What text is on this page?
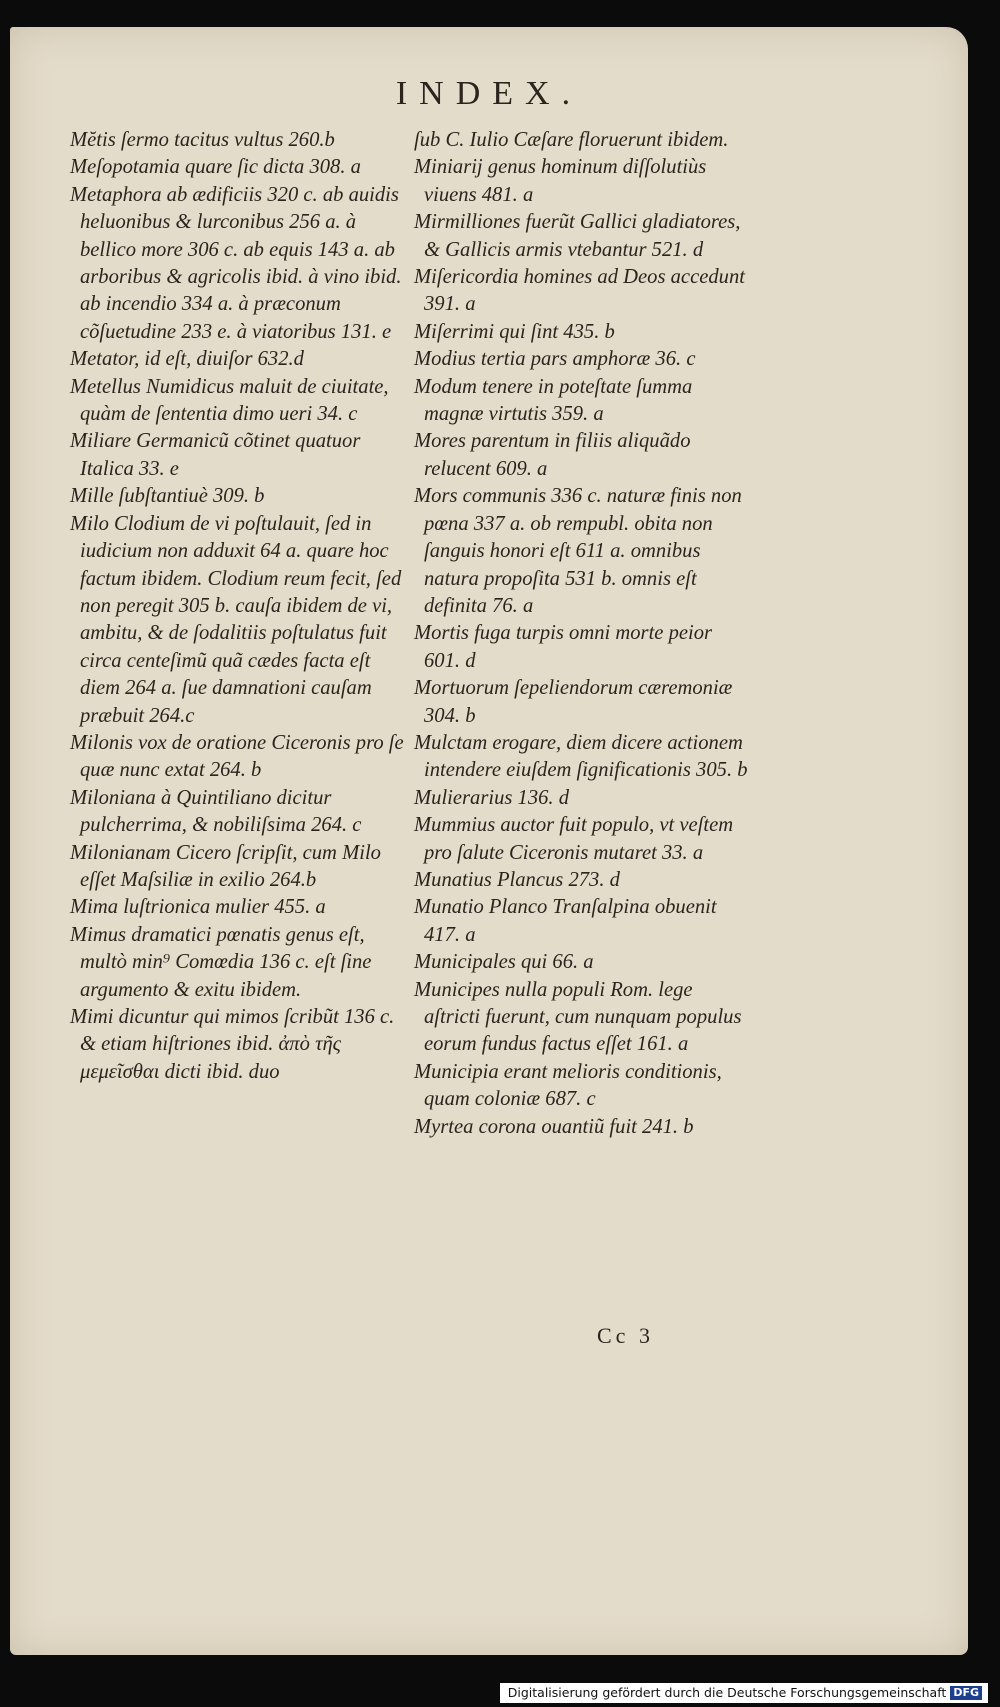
INDEX.

Mĕtis ſermo tacitus vultus 260.b

Meſopotamia quare ſic dicta 308. a

Metaphora ab ædificiis 320 c. ab auidis heluonibus & lurconibus 256 a. à bellico more 306 c. ab equis 143 a. ab arboribus & agricolis ibid. à vino ibid. ab incendio 334 a. à præconum cõſuetudine 233 e. à viatoribus 131. e

Metator, id eſt, diuiſor 632.d

Metellus Numidicus maluit de ciuitate, quàm de ſententia dimo ueri 34. c

Miliare Germanicũ cõtinet quatuor Italica 33. e

Mille ſubſtantiuè 309. b

Milo Clodium de vi poſtulauit, ſed in iudicium non adduxit 64 a. quare hoc factum ibidem. Clodium reum fecit, ſed non peregit 305 b. cauſa ibidem de vi, ambitu, & de ſodalitiis poſtulatus fuit circa centeſimũ quã cædes facta eſt diem 264 a. ſue damnationi cauſam præbuit 264.c

Milonis vox de oratione Ciceronis pro ſe quæ nunc extat 264. b

Miloniana à Quintiliano dicitur pulcherrima, & nobiliſsima 264. c

Milonianam Cicero ſcripſit, cum Milo eſſet Maſsiliæ in exilio 264.b

Mima luſtrionica mulier 455. a

Mimus dramatici pœnatis genus eſt, multò min⁹ Comœdia 136 c. eſt ſine argumento & exitu ibidem.

Mimi dicuntur qui mimos ſcribũt 136 c. & etiam hiſtriones ibid. ἀπὸ τῆς μεμεῖσθαι dicti ibid. duo

ſub C. Iulio Cæſare floruerunt ibidem.

Miniarij genus hominum diſſolutiùs viuens 481. a

Mirmilliones fuerũt Gallici gladiatores, & Gallicis armis vtebantur 521. d

Miſericordia homines ad Deos accedunt 391. a

Miſerrimi qui ſint 435. b

Modius tertia pars amphoræ 36. c

Modum tenere in poteſtate ſumma magnæ virtutis 359. a

Mores parentum in filiis aliquãdo relucent 609. a

Mors communis 336 c. naturæ finis non pœna 337 a. ob rempubl. obita non ſanguis honori eſt 611 a. omnibus natura propoſita 531 b. omnis eſt definita 76. a

Mortis fuga turpis omni morte peior 601. d

Mortuorum ſepeliendorum cæremoniæ 304. b

Mulctam erogare, diem dicere actionem intendere eiuſdem ſignificationis 305. b

Mulierarius 136. d

Mummius auctor fuit populo, vt veſtem pro ſalute Ciceronis mutaret 33. a

Munatius Plancus 273. d

Munatio Planco Tranſalpina obuenit 417. a

Municipales qui 66. a

Municipes nulla populi Rom. lege aſtricti fuerunt, cum nunquam populus eorum fundus factus eſſet 161. a

Municipia erant melioris conditionis, quam coloniæ 687. c

Myrtea corona ouantiũ fuit 241. b

Cc 3
Digitalisierung gefördert durch die Deutsche Forschungsgemeinschaft DFG
